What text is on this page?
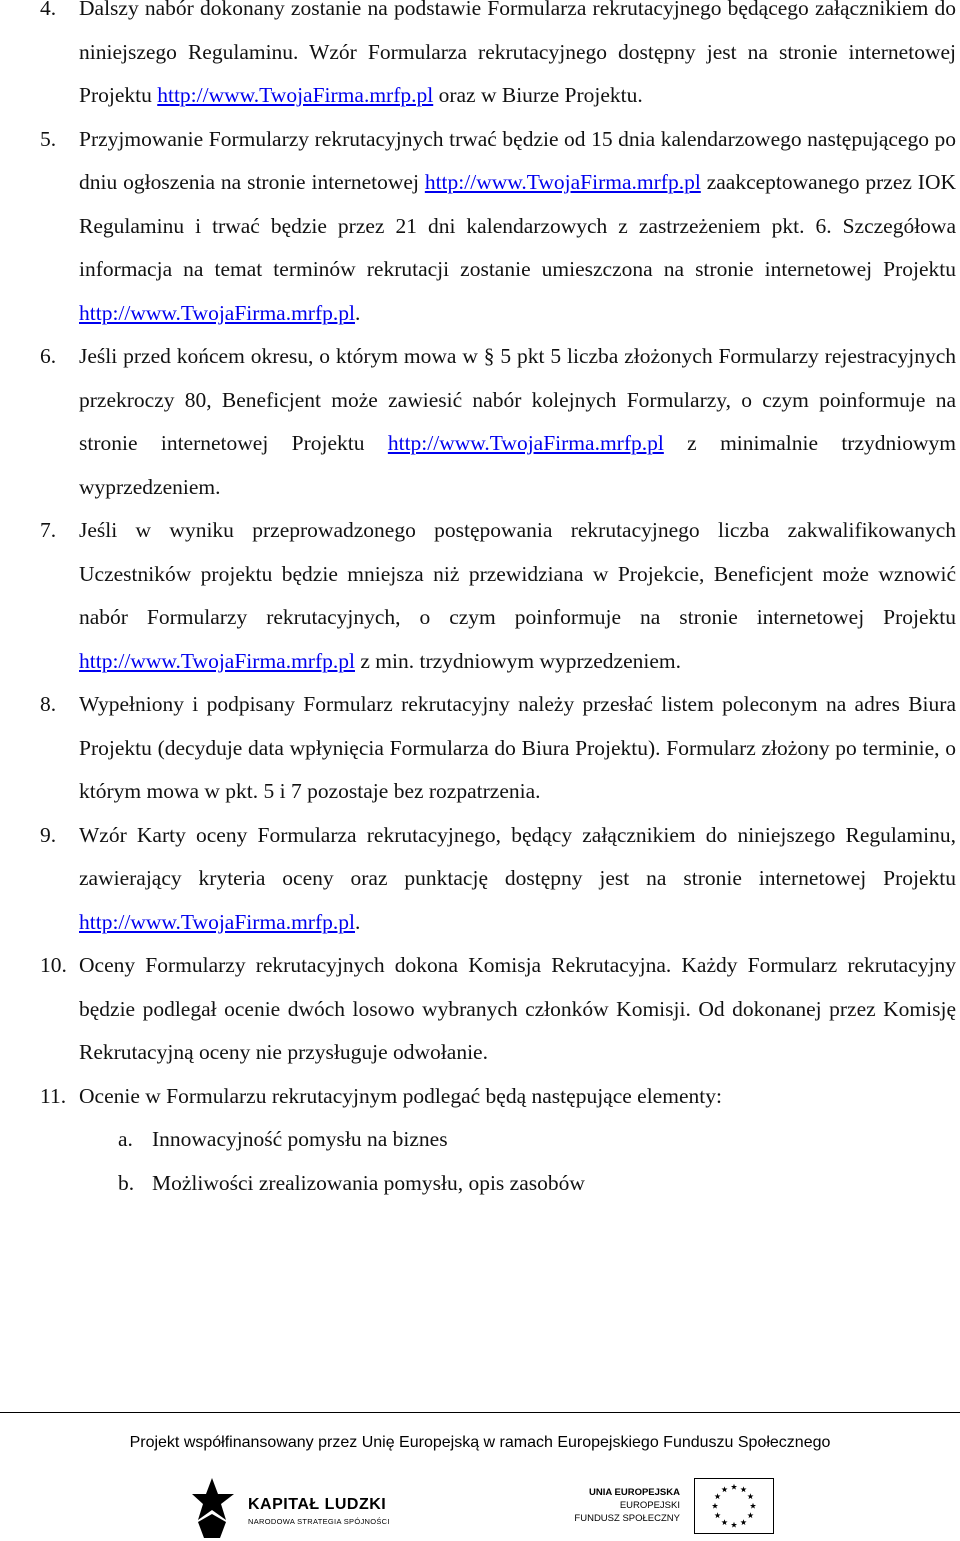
4. Dalszy nabór dokonany zostanie na podstawie Formularza rekrutacyjnego będącego załącznikiem do niniejszego Regulaminu. Wzór Formularza rekrutacyjnego dostępny jest na stronie internetowej Projektu http://www.TwojaFirma.mrfp.pl oraz w Biurze Projektu.
5. Przyjmowanie Formularzy rekrutacyjnych trwać będzie od 15 dnia kalendarzowego następującego po dniu ogłoszenia na stronie internetowej http://www.TwojaFirma.mrfp.pl zaakceptowanego przez IOK Regulaminu i trwać będzie przez 21 dni kalendarzowych z zastrzeżeniem pkt. 6. Szczegółowa informacja na temat terminów rekrutacji zostanie umieszczona na stronie internetowej Projektu http://www.TwojaFirma.mrfp.pl.
6. Jeśli przed końcem okresu, o którym mowa w § 5 pkt 5 liczba złożonych Formularzy rejestracyjnych przekroczy 80, Beneficjent może zawiesić nabór kolejnych Formularzy, o czym poinformuje na stronie internetowej Projektu http://www.TwojaFirma.mrfp.pl z minimalnie trzydniowym wyprzedzeniem.
7. Jeśli w wyniku przeprowadzonego postępowania rekrutacyjnego liczba zakwalifikowanych Uczestników projektu będzie mniejsza niż przewidziana w Projekcie, Beneficjent może wznowić nabór Formularzy rekrutacyjnych, o czym poinformuje na stronie internetowej Projektu http://www.TwojaFirma.mrfp.pl z min. trzydniowym wyprzedzeniem.
8. Wypełniony i podpisany Formularz rekrutacyjny należy przesłać listem poleconym na adres Biura Projektu (decyduje data wpłynięcia Formularza do Biura Projektu). Formularz złożony po terminie, o którym mowa w pkt. 5 i 7 pozostaje bez rozpatrzenia.
9. Wzór Karty oceny Formularza rekrutacyjnego, będący załącznikiem do niniejszego Regulaminu, zawierający kryteria oceny oraz punktację dostępny jest na stronie internetowej Projektu http://www.TwojaFirma.mrfp.pl.
10. Oceny Formularzy rekrutacyjnych dokona Komisja Rekrutacyjna. Każdy Formularz rekrutacyjny będzie podlegał ocenie dwóch losowo wybranych członków Komisji. Od dokonanej przez Komisję Rekrutacyjną oceny nie przysługuje odwołanie.
11. Ocenie w Formularzu rekrutacyjnym podlegać będą następujące elementy:
a. Innowacyjność pomysłu na biznes
b. Możliwości zrealizowania pomysłu, opis zasobów
Projekt współfinansowany przez Unię Europejską w ramach Europejskiego Funduszu Społecznego
KAPITAŁ LUDZKI
NARODOWA STRATEGIA SPÓJNOŚCI
UNIA EUROPEJSKA
EUROPEJSKI
FUNDUSZ SPOŁECZNY
